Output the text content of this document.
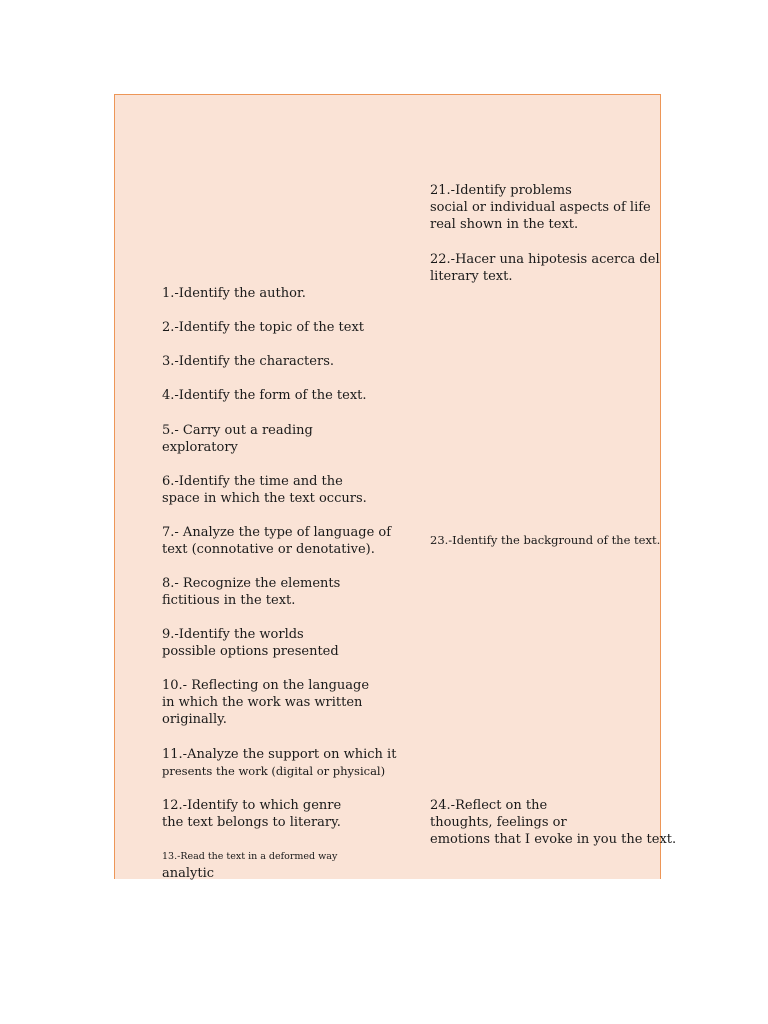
1.-Identify the author.
2.-Identify the topic of the text
3.-Identify the characters.
4.-Identify the form of the text.
5.- Carry out a reading
exploratory
6.-Identify the time and the
space in which the text occurs.
7.- Analyze the type of language of
text (connotative or denotative).
8.- Recognize the elements
fictitious in the text.
9.-Identify the worlds
possible options presented
10.- Reflecting on the language
in which the work was written
originally.
11.-Analyze the support on which it
presents the work (digital or physical)
12.-Identify to which genre
the text belongs to literary.
13.-Read the text in a deformed way
analytic
21.-Identify problems
social or individual aspects of life
real shown in the text.
22.-Hacer una hipotesis acerca del
literary text.
23.-Identify the background of the text.
24.-Reflect on the
thoughts, feelings or
emotions that I evoke in you the text.
